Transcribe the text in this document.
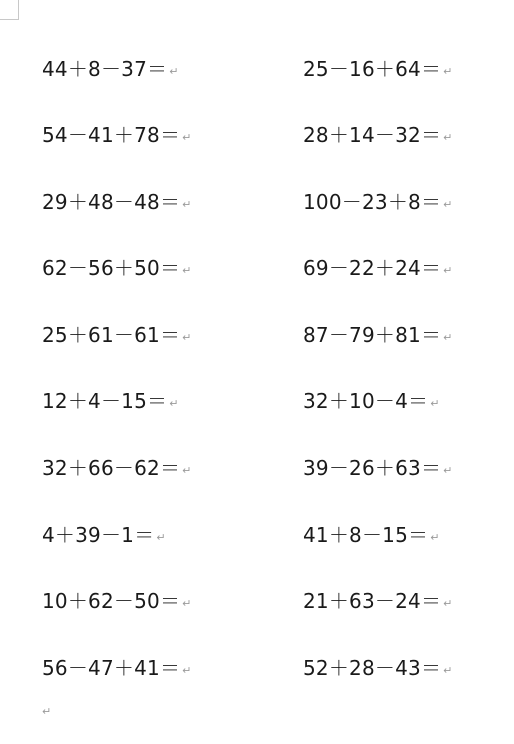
44＋8－37＝ ↵	25－16＋64＝ ↵
54－41＋78＝ ↵	28＋14－32＝ ↵
29＋48－48＝ ↵	100－23＋8＝ ↵
62－56＋50＝ ↵	69－22＋24＝ ↵
25＋61－61＝ ↵	87－79＋81＝ ↵
12＋4－15＝ ↵	32＋10－4＝ ↵
32＋66－62＝ ↵	39－26＋63＝ ↵
4＋39－1＝ ↵	41＋8－15＝ ↵
10＋62－50＝ ↵	21＋63－24＝ ↵
56－47＋41＝ ↵	52＋28－43＝ ↵
↵
